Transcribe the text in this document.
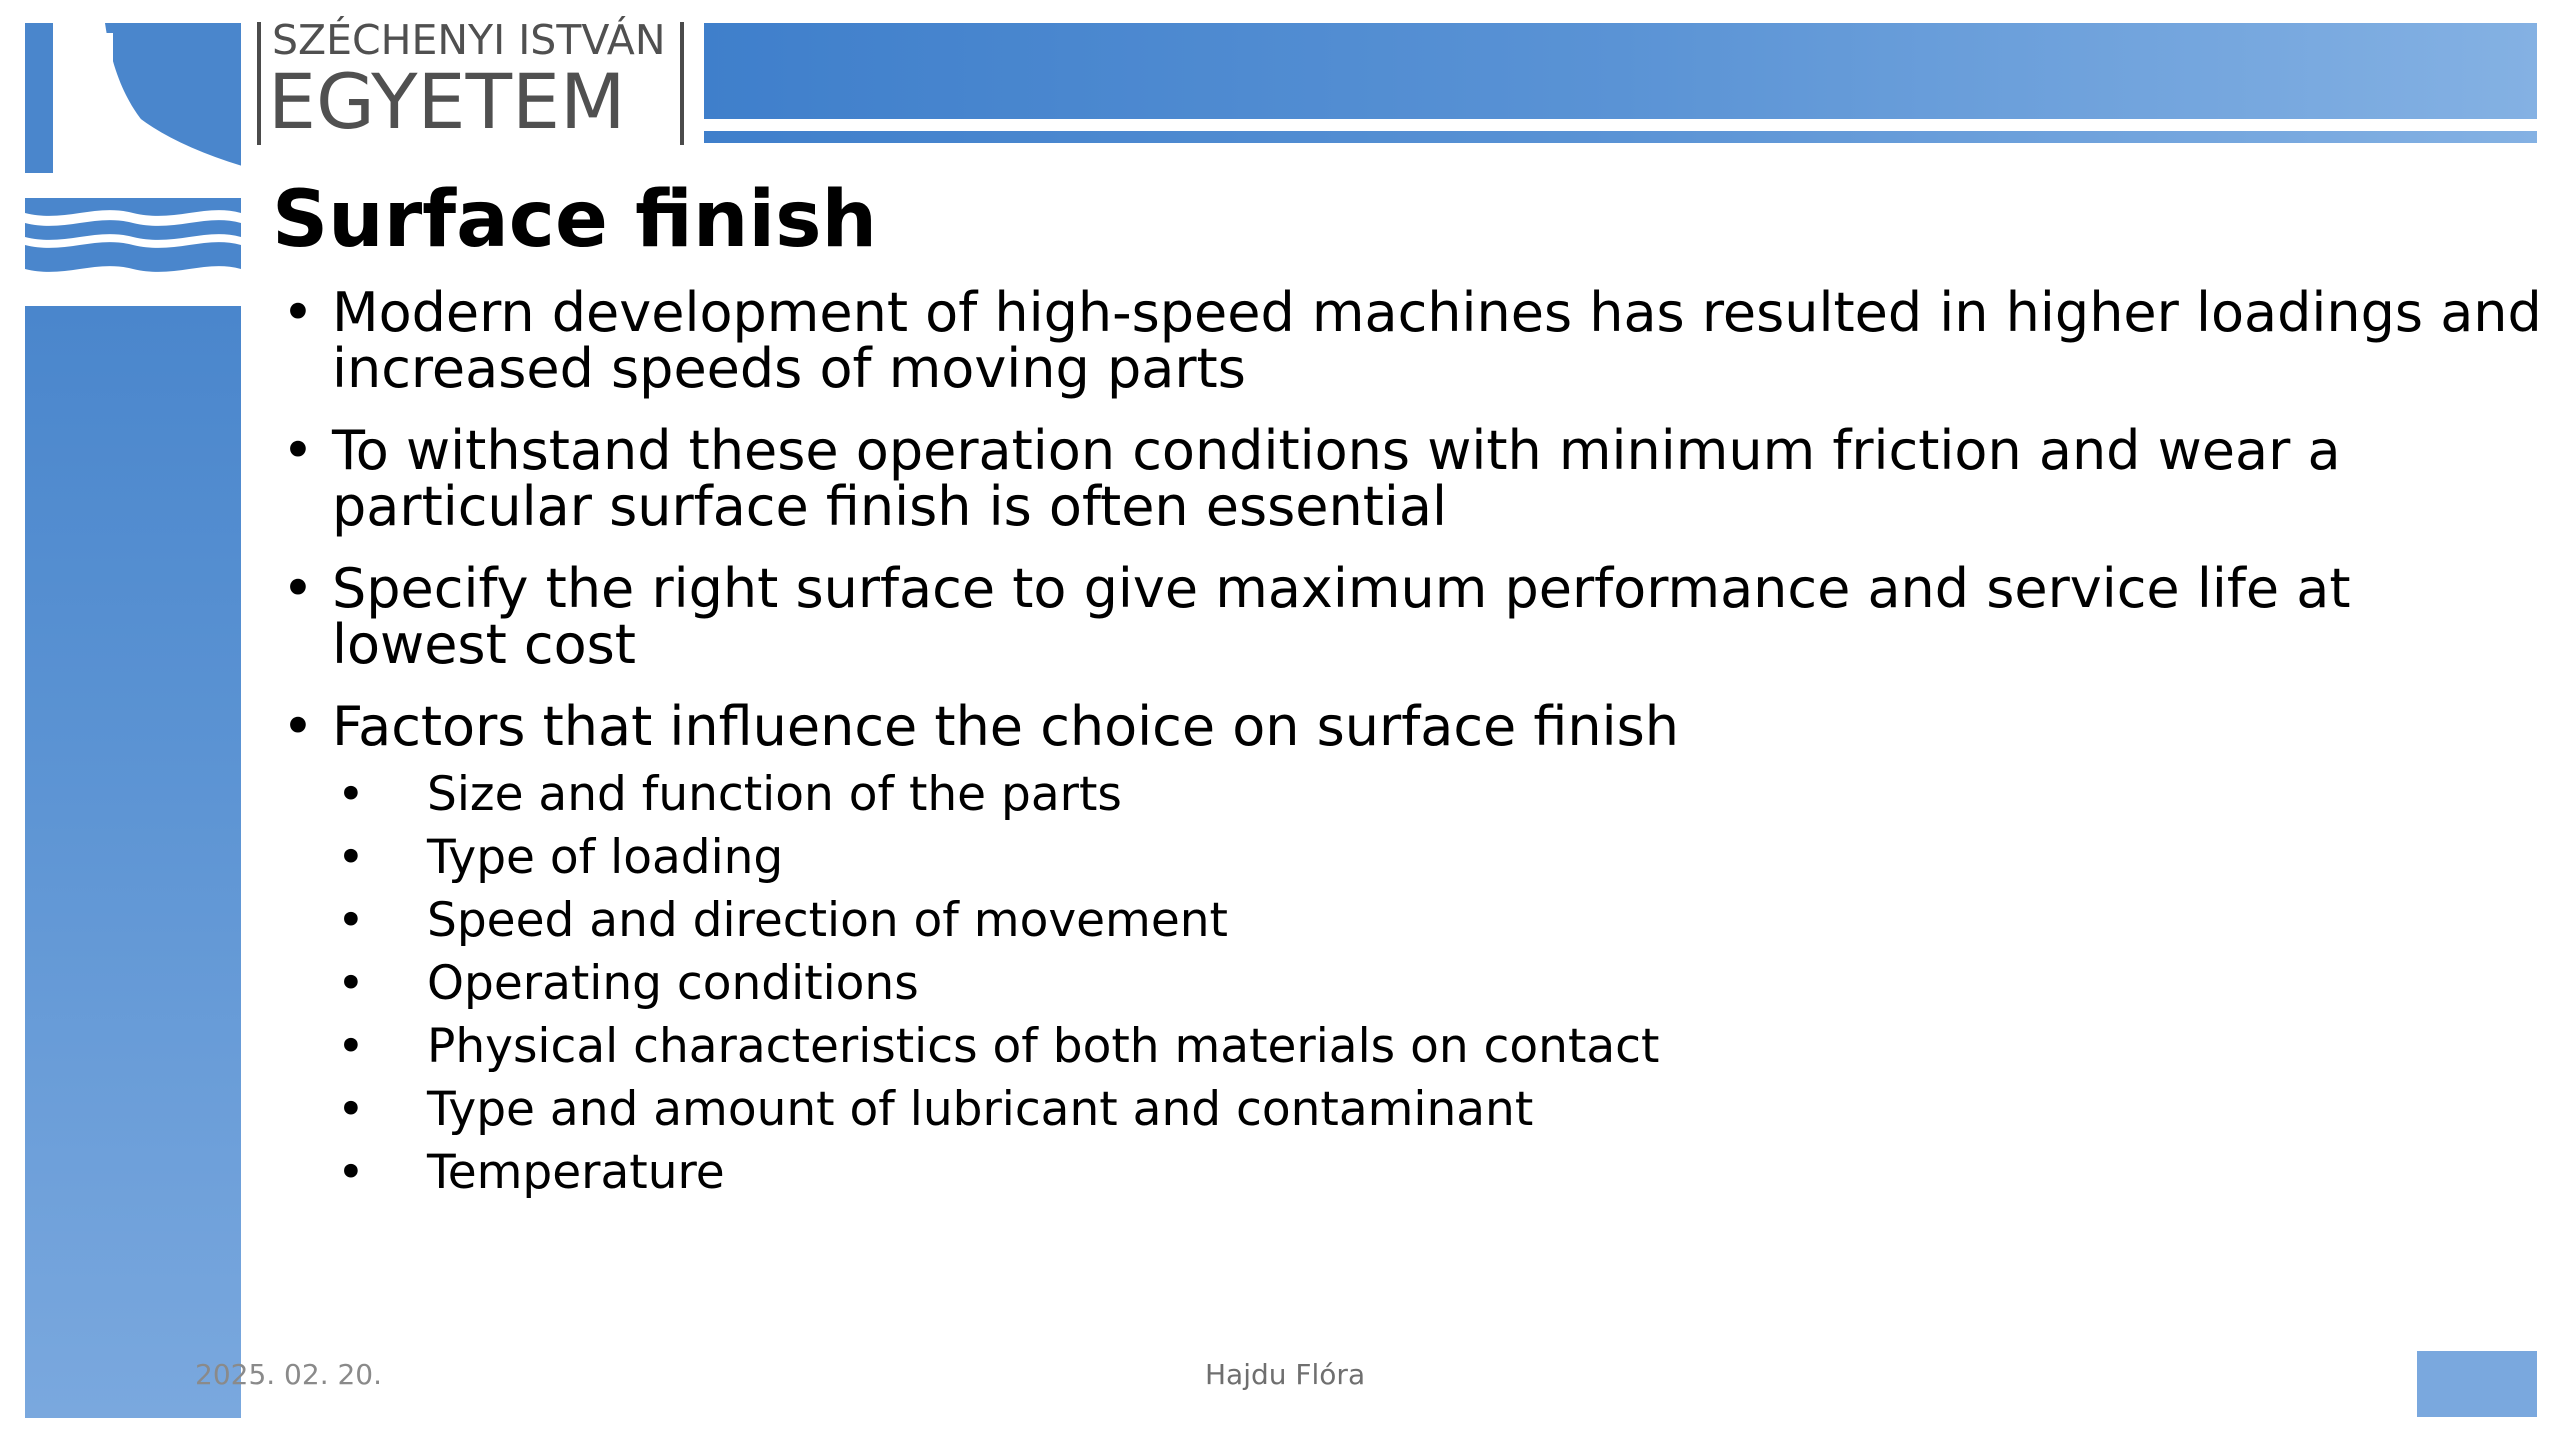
SZÉCHENYI ISTVÁN
EGYETEM
Surface finish
• Modern development of high-speed machines has resulted in higher loadings and increased speeds of moving parts
• To withstand these operation conditions with minimum friction and wear a particular surface finish is often essential
• Specify the right surface to give maximum performance and service life at lowest cost
• Factors that influence the choice on surface finish
• Size and function of the parts
• Type of loading
• Speed and direction of movement
• Operating conditions
• Physical characteristics of both materials on contact
• Type and amount of lubricant and contaminant
• Temperature
2025. 02. 20.	Hajdu Flóra
